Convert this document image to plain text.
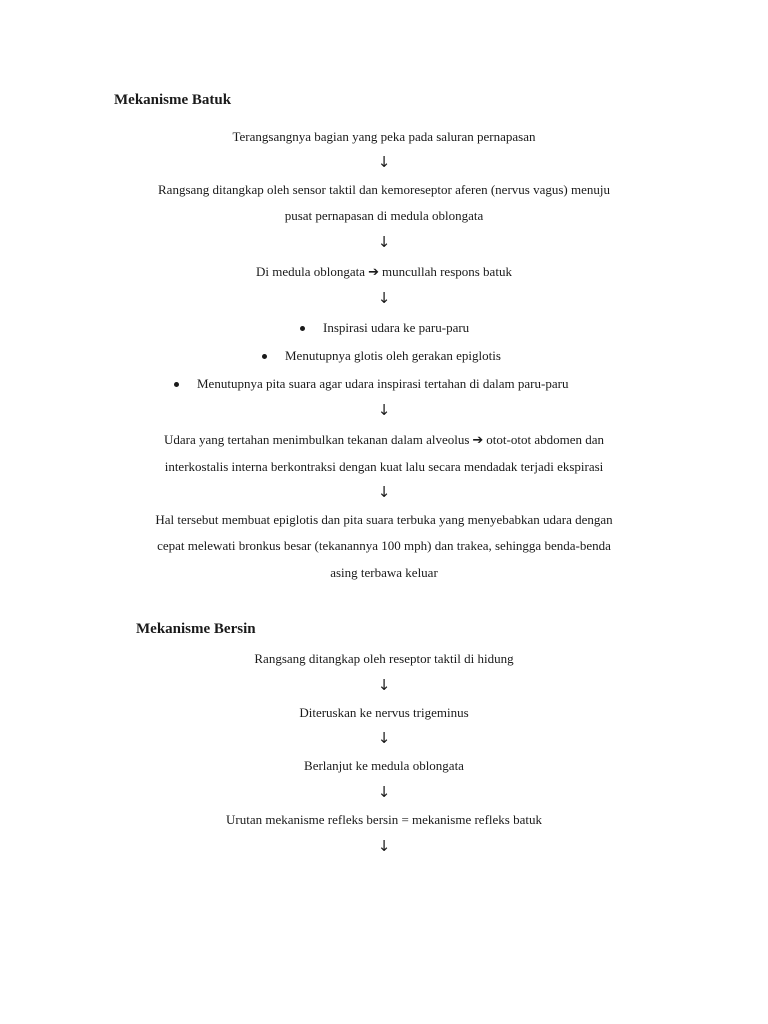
Mekanisme Batuk
Terangsangnya bagian yang peka pada saluran pernapasan
↓
Rangsang ditangkap oleh sensor taktil dan kemoreseptor aferen (nervus vagus) menuju
pusat pernapasan di medula oblongata
↓
Di medula oblongata ➔ muncullah respons batuk
↓
Inspirasi udara ke paru-paru
Menutupnya glotis oleh gerakan epiglotis
Menutupnya pita suara agar udara inspirasi tertahan di dalam paru-paru
↓
Udara yang tertahan menimbulkan tekanan dalam alveolus ➔ otot-otot abdomen dan
interkostalis interna berkontraksi dengan kuat lalu secara mendadak terjadi ekspirasi
↓
Hal tersebut membuat epiglotis dan pita suara terbuka yang menyebabkan udara dengan
cepat melewati bronkus besar (tekanannya 100 mph) dan trakea, sehingga benda-benda
asing terbawa keluar
Mekanisme Bersin
Rangsang ditangkap oleh reseptor taktil di hidung
↓
Diteruskan ke nervus trigeminus
↓
Berlanjut ke medula oblongata
↓
Urutan mekanisme refleks bersin = mekanisme refleks batuk
↓
